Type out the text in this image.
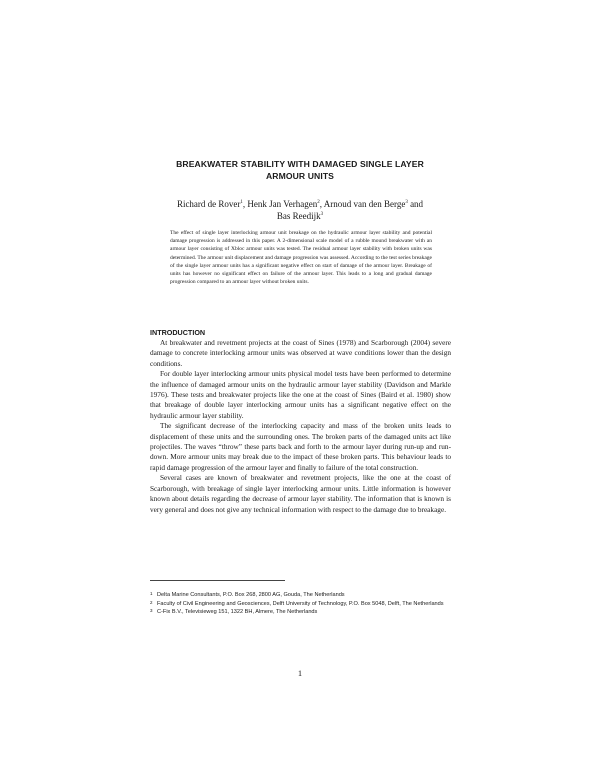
BREAKWATER STABILITY WITH DAMAGED SINGLE LAYER
ARMOUR UNITS
Richard de Rover$^1$, Henk Jan Verhagen$^2$, Arnoud van den Berge$^3$ and
Bas Reedijk$^3$

The effect of single layer interlocking armour unit breakage on the hydraulic armour layer stability and potential damage progression is addressed in this paper. A 2-dimensional scale model of a rubble mound breakwater with an armour layer consisting of Xbloc armour units was tested. The residual armour layer stability with broken units was determined. The armour unit displacement and damage progression was assessed. According to the test series breakage of the single layer armour units has a significant negative effect on start of damage of the armour layer. Breakage of units has however no significant effect on failure of the armour layer. This leads to a long and gradual damage progression compared to an armour layer without broken units.

INTRODUCTION

At breakwater and revetment projects at the coast of Sines (1978) and Scarborough (2004) severe damage to concrete interlocking armour units was observed at wave conditions lower than the design conditions.

For double layer interlocking armour units physical model tests have been performed to determine the influence of damaged armour units on the hydraulic armour layer stability (Davidson and Markle 1976). These tests and breakwater projects like the one at the coast of Sines (Baird et al. 1980) show that breakage of double layer interlocking armour units has a significant negative effect on the hydraulic armour layer stability.

The significant decrease of the interlocking capacity and mass of the broken units leads to displacement of these units and the surrounding ones. The broken parts of the damaged units act like projectiles. The waves “throw” these parts back and forth to the armour layer during run-up and run-down. More armour units may break due to the impact of these broken parts. This behaviour leads to rapid damage progression of the armour layer and finally to failure of the total construction.

Several cases are known of breakwater and revetment projects, like the one at the coast of Scarborough, with breakage of single layer interlocking armour units. Little information is however known about details regarding the decrease of armour layer stability. The information that is known is very general and does not give any technical information with respect to the damage due to breakage.

1 Delta Marine Consultants, P.O. Box 268, 2800 AG, Gouda, The Netherlands
2 Faculty of Civil Engineering and Geosciences, Delft University of Technology, P.O. Box 5048, Delft, The Netherlands
3 C-Fix B.V., Televisieweg 151, 1322 BH, Almere, The Netherlands
1
